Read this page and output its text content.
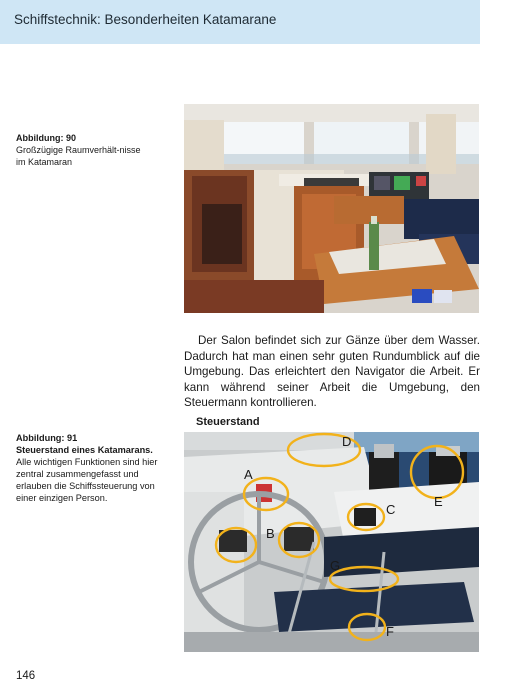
Schiffstechnik: Besonderheiten Katamarane
Abbildung: 90
Großzügige Raumverhält-nisse im Katamaran
Der Salon befindet sich zur Gänze über dem Wasser. Dadurch hat man einen sehr guten Rundumblick auf die Umgebung. Das erleichtert den Navigator die Arbeit. Er kann während seiner Arbeit die Umgebung, den Steuermann kontrollieren.
Steuerstand
Abbildung: 91
Steuerstand eines Katamarans. Alle wichtigen Funktionen sind hier zentral zusammengefasst und erlauben die Schiffssteuerung von einer einzigen Person.
A
B
C
D
E
F
G
146
